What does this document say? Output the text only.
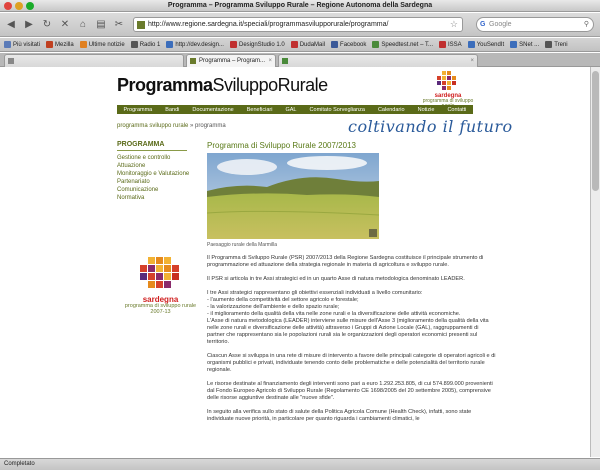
Programma – Programma Sviluppo Rurale – Regione Autonoma della Sardegna
◀	▶ ↻ ✕	⌂	▤ ✂	http://www.regione.sardegna.it/speciali/programmasvilupporurale/programma/	☆	G Google	⚲
Più visitati	Mezilla	Ultime notizie	Radio 1	http://dev.design...	DesignStudio 1.0	DudaMail	Facebook	Speedtest.net – T...	ISSA	YouSendIt	SNet ...	Treni
Programma – Program... ×	×
ProgrammaSviluppoRurale
sardegna
programma di sviluppo
Programma Bandi Documentazione Beneficiari GAL Comitato Sorveglianza Calendario Notizie Contatti
programma sviluppo rurale » programma	coltivando il futuro
PROGRAMMA
Gestione e controllo
Attuazione
Monitoraggio e Valutazione
Partenariato
Comunicazione
Normativa
Programma di Sviluppo Rurale 2007/2013
Paesaggio rurale della Marmilla
sardegna
programma di sviluppo rurale
2007-13

Il Programma di Sviluppo Rurale (PSR) 2007/2013 della Regione Sardegna costituisce il principale strumento di programmazione ed attuazione della strategia regionale in materia di agricoltura e sviluppo rurale.

Il PSR si articola in tre Assi strategici ed in un quarto Asse di natura metodologica denominato LEADER.

I tre Assi strategici rappresentano gli obiettivi essenziali individuati a livello comunitario:
- l'aumento della competitività del settore agricolo e forestale;
- la valorizzazione dell'ambiente e dello spazio rurale;
- il miglioramento della qualità della vita nelle zone rurali e la diversificazione delle attività economiche.
L'Asse di natura metodologica (LEADER) interviene sulle misure dell'Asse 3 (miglioramento della qualità della vita nelle zone rurali e diversificazione delle attività) attraverso i Gruppi di Azione Locale (GAL), raggruppamenti di partner che rappresentano sia le popolazioni rurali sia le organizzazioni degli operatori economici presenti sul territorio.

Ciascun Asse si sviluppa in una rete di misure di intervento a favore delle principali categorie di operatori agricoli e di organismi pubblici e privati, individuate tenendo conto delle problematiche e delle potenzialità del territorio rurale regionale.

Le risorse destinate al finanziamento degli interventi sono pari a euro 1.292.253.805, di cui 574.899.000 provenienti dal Fondo Europeo Agricolo di Sviluppo Rurale (Regolamento CE 1698/2005 del 20 settembre 2005), comprensive delle risorse aggiuntive destinate alle "nuove sfide".

In seguito alla verifica sullo stato di salute della Politica Agricola Comune (Health Check), infatti, sono state individuate nuove priorità, in particolare per quanto riguarda i cambiamenti climatici, le

Completato
